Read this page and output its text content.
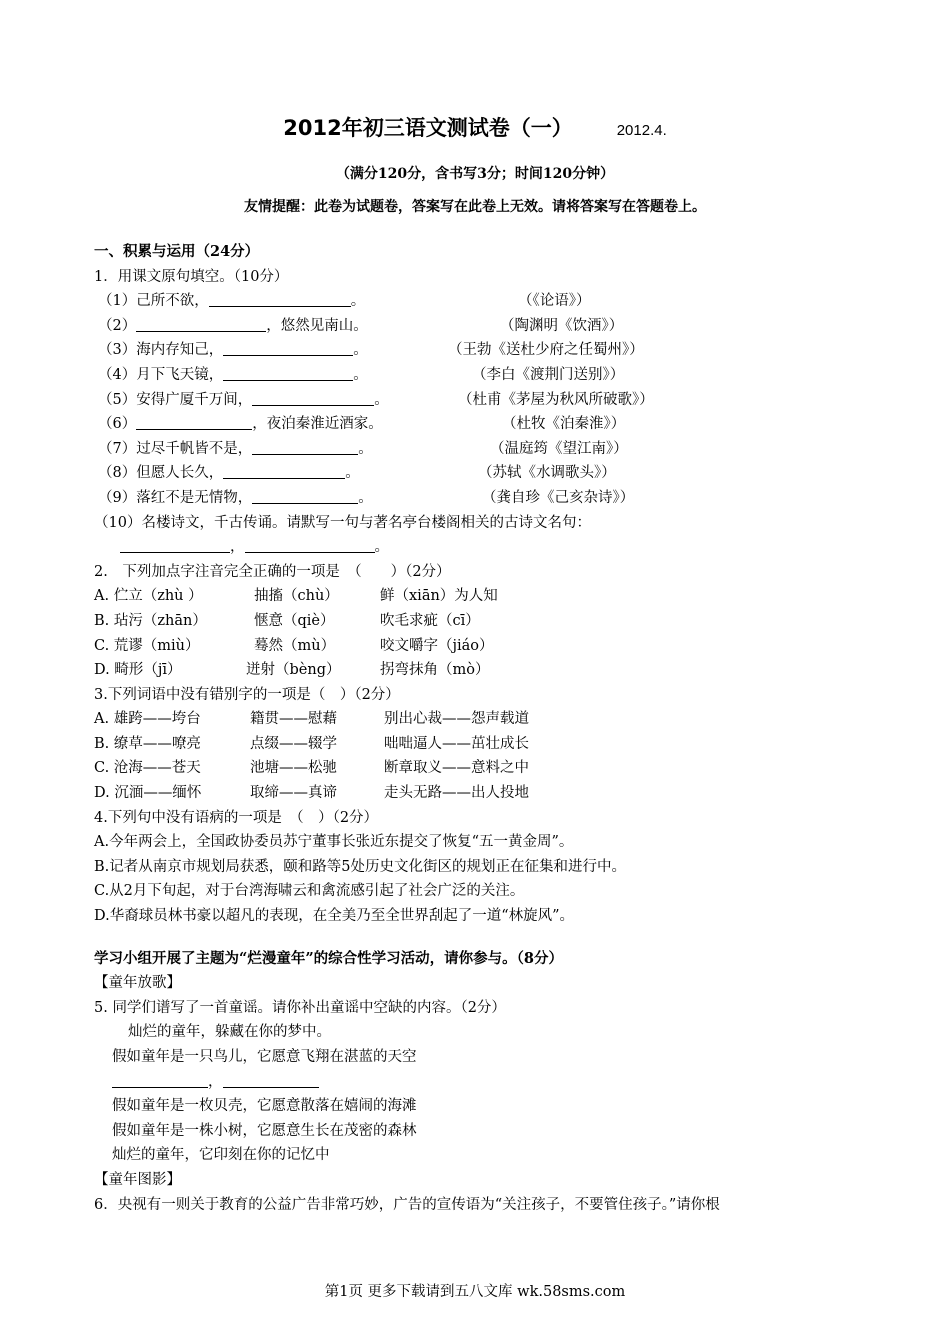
2012年初三语文测试卷（一）	2012.4.
（满分120分，含书写3分；时间120分钟）
友情提醒：此卷为试题卷，答案写在此卷上无效。请将答案写在答题卷上。
一、积累与运用（24分）
1．用课文原句填空。（10分）
（1）己所不欲，	。	（《论语》）
（2）	，悠然见南山。	（陶渊明《饮酒》）
（3）海内存知己，	。	（王勃《送杜少府之任蜀州》）
（4）月下飞天镜，	。	（李白《渡荆门送别》）
（5）安得广厦千万间，	。	（杜甫《茅屋为秋风所破歌》）
（6）	，夜泊秦淮近酒家。	（杜牧《泊秦淮》）
（7）过尽千帆皆不是，	。	（温庭筠《望江南》）
（8）但愿人长久，	。	（苏轼《水调歌头》）
（9）落红不是无情物，	。	（龚自珍《己亥杂诗》）
（10）名楼诗文，千古传诵。请默写一句与著名亭台楼阁相关的古诗文名句：
，	。
2.　下列加点字注音完全正确的一项是　（　　）（2分）
A. 伫立（zhù ）	抽搐（chù）	鲜（xiān）为人知
B. 玷污（zhān）	惬意（qiè）	吹毛求疵（cī）
C. 荒谬（miù）	蓦然（mù）	咬文嚼字（jiáo）
D. 畸形（jī）	迸射（bèng）	拐弯抹角（mò）
3.下列词语中没有错别字的一项是（　）（2分）
A. 雄跨——垮台	籍贯——慰藉	别出心裁——怨声载道
B. 缭草——嘹亮	点缀——辍学	咄咄逼人——茁壮成长
C. 沧海——苍天	池塘——松驰	断章取义——意料之中
D. 沉湎——缅怀	取缔——真谛	走头无路——出人投地
4.下列句中没有语病的一项是　（　）（2分）
A.今年两会上，全国政协委员苏宁董事长张近东提交了恢复“五一黄金周”。
B.记者从南京市规划局获悉，颐和路等5处历史文化街区的规划正在征集和进行中。
C.从2月下旬起，对于台湾海啸云和禽流感引起了社会广泛的关注。
D.华裔球员林书豪以超凡的表现，在全美乃至全世界刮起了一道“林旋风”。
学习小组开展了主题为“烂漫童年”的综合性学习活动，请你参与。（8分）
【童年放歌】
5. 同学们谱写了一首童谣。请你补出童谣中空缺的内容。（2分）
灿烂的童年，躲藏在你的梦中。
假如童年是一只鸟儿，它愿意飞翔在湛蓝的天空
，
假如童年是一枚贝壳，它愿意散落在嬉闹的海滩
假如童年是一株小树，它愿意生长在茂密的森林
灿烂的童年，它印刻在你的记忆中
【童年图影】
6．央视有一则关于教育的公益广告非常巧妙，广告的宣传语为“关注孩子，不要管住孩子。”请你根
第1页 更多下载请到五八文库 wk.58sms.com
